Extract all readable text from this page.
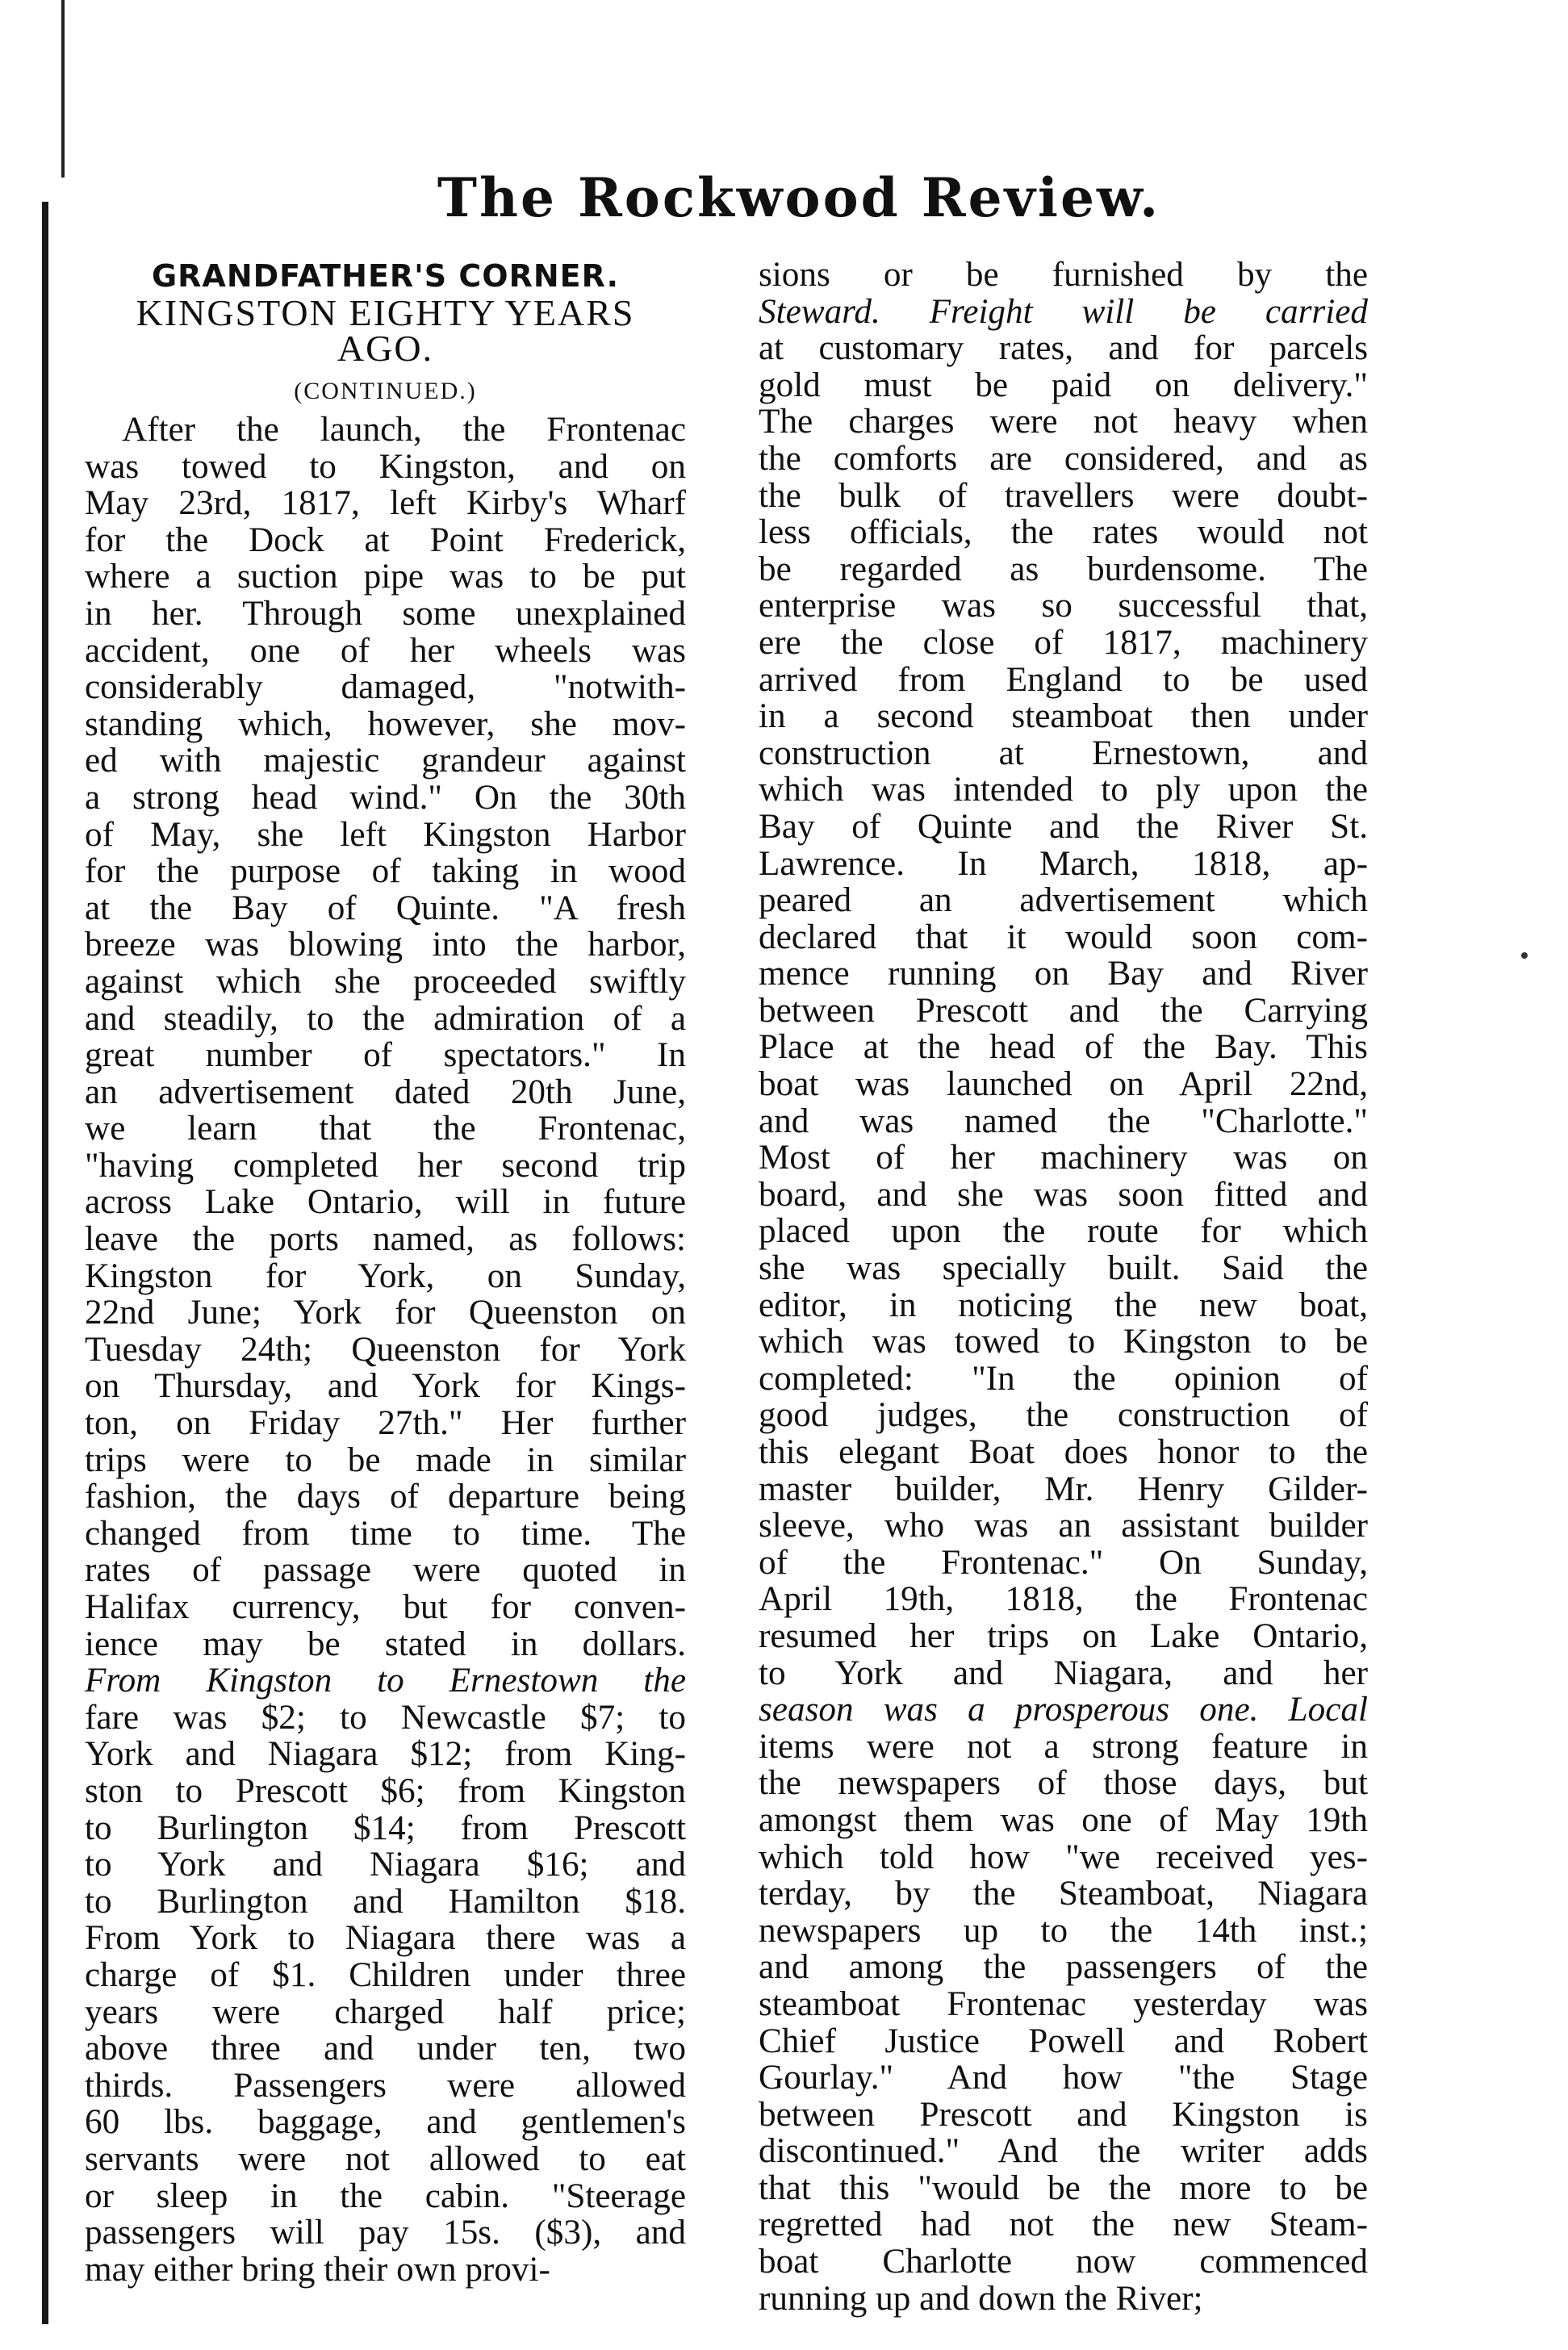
The Rockwood Review.
GRANDFATHER'S CORNER.
KINGSTON EIGHTY YEARS
AGO.
(CONTINUED.)
After the launch, the Frontenac
was towed to Kingston, and on
May 23rd, 1817, left Kirby's Wharf
for the Dock at Point Frederick,
where a suction pipe was to be put
in her. Through some unexplained
accident, one of her wheels was
considerably damaged, "notwith-
standing which, however, she mov-
ed with majestic grandeur against
a strong head wind." On the 30th
of May, she left Kingston Harbor
for the purpose of taking in wood
at the Bay of Quinte. "A fresh
breeze was blowing into the harbor,
against which she proceeded swiftly
and steadily, to the admiration of a
great number of spectators." In
an advertisement dated 20th June,
we learn that the Frontenac,
"having completed her second trip
across Lake Ontario, will in future
leave the ports named, as follows:
Kingston for York, on Sunday,
22nd June; York for Queenston on
Tuesday 24th; Queenston for York
on Thursday, and York for Kings-
ton, on Friday 27th." Her further
trips were to be made in similar
fashion, the days of departure being
changed from time to time. The
rates of passage were quoted in
Halifax currency, but for conven-
ience may be stated in dollars.
From Kingston to Ernestown the
fare was $2; to Newcastle $7; to
York and Niagara $12; from King-
ston to Prescott $6; from Kingston
to Burlington $14; from Prescott
to York and Niagara $16; and
to Burlington and Hamilton $18.
From York to Niagara there was a
charge of $1. Children under three
years were charged half price;
above three and under ten, two
thirds. Passengers were allowed
60 lbs. baggage, and gentlemen's
servants were not allowed to eat
or sleep in the cabin. "Steerage
passengers will pay 15s. ($3), and
may either bring their own provi-
sions or be furnished by the
Steward. Freight will be carried
at customary rates, and for parcels
gold must be paid on delivery."
The charges were not heavy when
the comforts are considered, and as
the bulk of travellers were doubt-
less officials, the rates would not
be regarded as burdensome. The
enterprise was so successful that,
ere the close of 1817, machinery
arrived from England to be used
in a second steamboat then under
construction at Ernestown, and
which was intended to ply upon the
Bay of Quinte and the River St.
Lawrence. In March, 1818, ap-
peared an advertisement which
declared that it would soon com-
mence running on Bay and River
between Prescott and the Carrying
Place at the head of the Bay. This
boat was launched on April 22nd,
and was named the "Charlotte."
Most of her machinery was on
board, and she was soon fitted and
placed upon the route for which
she was specially built. Said the
editor, in noticing the new boat,
which was towed to Kingston to be
completed: "In the opinion of
good judges, the construction of
this elegant Boat does honor to the
master builder, Mr. Henry Gilder-
sleeve, who was an assistant builder
of the Frontenac." On Sunday,
April 19th, 1818, the Frontenac
resumed her trips on Lake Ontario,
to York and Niagara, and her
season was a prosperous one. Local
items were not a strong feature in
the newspapers of those days, but
amongst them was one of May 19th
which told how "we received yes-
terday, by the Steamboat, Niagara
newspapers up to the 14th inst.;
and among the passengers of the
steamboat Frontenac yesterday was
Chief Justice Powell and Robert
Gourlay." And how "the Stage
between Prescott and Kingston is
discontinued." And the writer adds
that this "would be the more to be
regretted had not the new Steam-
boat Charlotte now commenced
running up and down the River;
